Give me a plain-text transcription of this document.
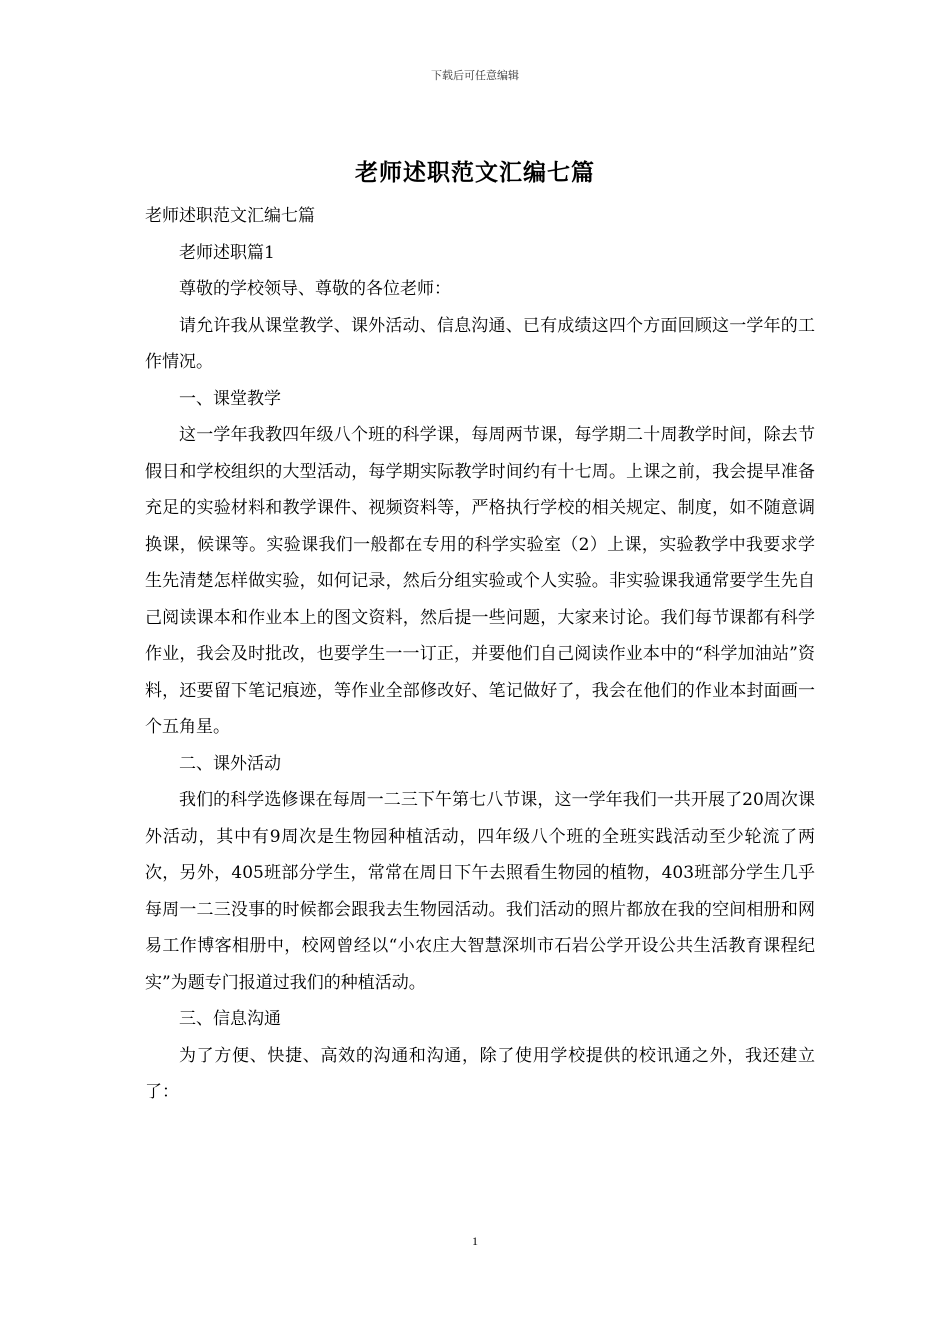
下载后可任意编辑
老师述职范文汇编七篇

老师述职范文汇编七篇

老师述职篇1

尊敬的学校领导、尊敬的各位老师：

请允许我从课堂教学、课外活动、信息沟通、已有成绩这四个方面回顾这一学年的工作情况。

一、课堂教学

这一学年我教四年级八个班的科学课，每周两节课，每学期二十周教学时间，除去节假日和学校组织的大型活动，每学期实际教学时间约有十七周。上课之前，我会提早准备充足的实验材料和教学课件、视频资料等，严格执行学校的相关规定、制度，如不随意调换课，候课等。实验课我们一般都在专用的科学实验室（2）上课，实验教学中我要求学生先清楚怎样做实验，如何记录，然后分组实验或个人实验。非实验课我通常要学生先自己阅读课本和作业本上的图文资料，然后提一些问题，大家来讨论。我们每节课都有科学作业，我会及时批改，也要学生一一订正，并要他们自己阅读作业本中的“科学加油站”资料，还要留下笔记痕迹，等作业全部修改好、笔记做好了，我会在他们的作业本封面画一个五角星。

二、课外活动

我们的科学选修课在每周一二三下午第七八节课，这一学年我们一共开展了20周次课外活动，其中有9周次是生物园种植活动，四年级八个班的全班实践活动至少轮流了两次，另外，405班部分学生，常常在周日下午去照看生物园的植物，403班部分学生几乎每周一二三没事的时候都会跟我去生物园活动。我们活动的照片都放在我的空间相册和网易工作博客相册中，校网曾经以“小农庄大智慧深圳市石岩公学开设公共生活教育课程纪实”为题专门报道过我们的种植活动。

三、信息沟通

为了方便、快捷、高效的沟通和沟通，除了使用学校提供的校讯通之外，我还建立了：

1
